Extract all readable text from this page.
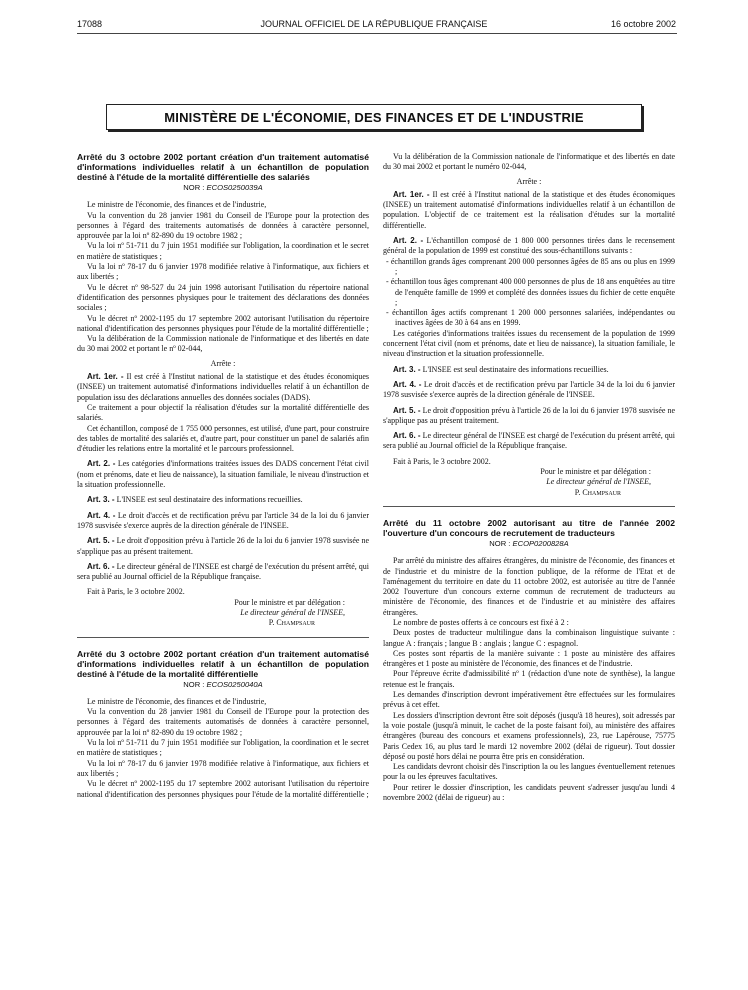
17088	JOURNAL OFFICIEL DE LA RÉPUBLIQUE FRANÇAISE	16 octobre 2002
MINISTÈRE DE L'ÉCONOMIE, DES FINANCES ET DE L'INDUSTRIE
Arrêté du 3 octobre 2002 portant création d'un traitement automatisé d'informations individuelles relatif à un échantillon de population destiné à l'étude de la mortalité différentielle des salariés
NOR : ECOS0250039A

Le ministre de l'économie, des finances et de l'industrie,

Vu la convention du 28 janvier 1981 du Conseil de l'Europe pour la protection des personnes à l'égard des traitements automatisés de données à caractère personnel, approuvée par la loi nº 82-890 du 19 octobre 1982 ;

Vu la loi nº 51-711 du 7 juin 1951 modifiée sur l'obligation, la coordination et le secret en matière de statistiques ;

Vu la loi nº 78-17 du 6 janvier 1978 modifiée relative à l'informatique, aux fichiers et aux libertés ;

Vu le décret nº 98-527 du 24 juin 1998 autorisant l'utilisation du répertoire national d'identification des personnes physiques pour le traitement des déclarations des données sociales ;

Vu le décret nº 2002-1195 du 17 septembre 2002 autorisant l'utilisation du répertoire national d'identification des personnes physiques pour l'étude de la mortalité différentielle ;

Vu la délibération de la Commission nationale de l'informatique et des libertés en date du 30 mai 2002 et portant le nº 02-044,

Arrête :

Art. 1er. - Il est créé à l'Institut national de la statistique et des études économiques (INSEE) un traitement automatisé d'informations individuelles relatif à un échantillon de population issu des déclarations annuelles des données sociales (DADS).

Ce traitement a pour objectif la réalisation d'études sur la mortalité différentielle des salariés.

Cet échantillon, composé de 1 755 000 personnes, est utilisé, d'une part, pour construire des tables de mortalité des salariés et, d'autre part, pour constituer un panel de salariés afin d'étudier les relations entre la mortalité et le parcours professionnel.

Art. 2. - Les catégories d'informations traitées issues des DADS concernent l'état civil (nom et prénoms, date et lieu de naissance), la situation familiale, le niveau d'instruction et la situation professionnelle.

Art. 3. - L'INSEE est seul destinataire des informations recueillies.

Art. 4. - Le droit d'accès et de rectification prévu par l'article 34 de la loi du 6 janvier 1978 susvisée s'exerce auprès de la direction générale de l'INSEE.

Art. 5. - Le droit d'opposition prévu à l'article 26 de la loi du 6 janvier 1978 susvisée ne s'applique pas au présent traitement.

Art. 6. - Le directeur général de l'INSEE est chargé de l'exécution du présent arrêté, qui sera publié au Journal officiel de la République française.

Fait à Paris, le 3 octobre 2002.

Pour le ministre et par délégation :

Le directeur général de l'INSEE,

P. Champsaur

Arrêté du 3 octobre 2002 portant création d'un traitement automatisé d'informations individuelles relatif à un échantillon de population destiné à l'étude de la mortalité différentielle
NOR : ECOS0250040A

Le ministre de l'économie, des finances et de l'industrie,

Vu la convention du 28 janvier 1981 du Conseil de l'Europe pour la protection des personnes à l'égard des traitements automatisés de données à caractère personnel, approuvée par la loi nº 82-890 du 19 octobre 1982 ;

Vu la loi nº 51-711 du 7 juin 1951 modifiée sur l'obligation, la coordination et le secret en matière de statistiques ;

Vu la loi nº 78-17 du 6 janvier 1978 modifiée relative à l'informatique, aux fichiers et aux libertés ;

Vu le décret nº 2002-1195 du 17 septembre 2002 autorisant l'utilisation du répertoire national d'identification des personnes physiques pour l'étude de la mortalité différentielle ;

Vu la délibération de la Commission nationale de l'informatique et des libertés en date du 30 mai 2002 et portant le numéro 02-044,

Arrête :

Art. 1er. - Il est créé à l'Institut national de la statistique et des études économiques (INSEE) un traitement automatisé d'informations individuelles relatif à un échantillon de population. L'objectif de ce traitement est la réalisation d'études sur la mortalité différentielle.

Art. 2. - L'échantillon composé de 1 800 000 personnes tirées dans le recensement général de la population de 1999 est constitué des sous-échantillons suivants :

- échantillon grands âges comprenant 200 000 personnes âgées de 85 ans ou plus en 1999 ;

- échantillon tous âges comprenant 400 000 personnes de plus de 18 ans enquêtées au titre de l'enquête famille de 1999 et complété des données issues du fichier de cette enquête ;

- échantillon âges actifs comprenant 1 200 000 personnes salariées, indépendantes ou inactives âgées de 30 à 64 ans en 1999.

Les catégories d'informations traitées issues du recensement de la population de 1999 concernent l'état civil (nom et prénoms, date et lieu de naissance), la situation familiale, le niveau d'instruction et la situation professionnelle.

Art. 3. - L'INSEE est seul destinataire des informations recueillies.

Art. 4. - Le droit d'accès et de rectification prévu par l'article 34 de la loi du 6 janvier 1978 susvisée s'exerce auprès de la direction générale de l'INSEE.

Art. 5. - Le droit d'opposition prévu à l'article 26 de la loi du 6 janvier 1978 susvisée ne s'applique pas au présent traitement.

Art. 6. - Le directeur général de l'INSEE est chargé de l'exécution du présent arrêté, qui sera publié au Journal officiel de la République française.

Fait à Paris, le 3 octobre 2002.

Pour le ministre et par délégation :

Le directeur général de l'INSEE,

P. Champsaur

Arrêté du 11 octobre 2002 autorisant au titre de l'année 2002 l'ouverture d'un concours de recrutement de traducteurs
NOR : ECOP0200828A

Par arrêté du ministre des affaires étrangères, du ministre de l'économie, des finances et de l'industrie et du ministre de la fonction publique, de la réforme de l'Etat et de l'aménagement du territoire en date du 11 octobre 2002, est autorisée au titre de l'année 2002 l'ouverture d'un concours externe commun de recrutement de traducteurs au ministère de l'économie, des finances et de l'industrie et au ministère des affaires étrangères.

Le nombre de postes offerts à ce concours est fixé à 2 :

Deux postes de traducteur multilingue dans la combinaison linguistique suivante : langue A : français ; langue B : anglais ; langue C : espagnol.

Ces postes sont répartis de la manière suivante : 1 poste au ministère des affaires étrangères et 1 poste au ministère de l'économie, des finances et de l'industrie.

Pour l'épreuve écrite d'admissibilité nº 1 (rédaction d'une note de synthèse), la langue retenue est le français.

Les demandes d'inscription devront impérativement être effectuées sur les formulaires prévus à cet effet.

Les dossiers d'inscription devront être soit déposés (jusqu'à 18 heures), soit adressés par la voie postale (jusqu'à minuit, le cachet de la poste faisant foi), au ministère des affaires étrangères (bureau des concours et examens professionnels), 23, rue Lapérouse, 75775 Paris Cedex 16, au plus tard le mardi 12 novembre 2002 (délai de rigueur). Tout dossier déposé ou posté hors délai ne pourra être pris en considération.

Les candidats devront choisir dès l'inscription la ou les langues éventuellement retenues pour la ou les épreuves facultatives.

Pour retirer le dossier d'inscription, les candidats peuvent s'adresser jusqu'au lundi 4 novembre 2002 (délai de rigueur) au :
